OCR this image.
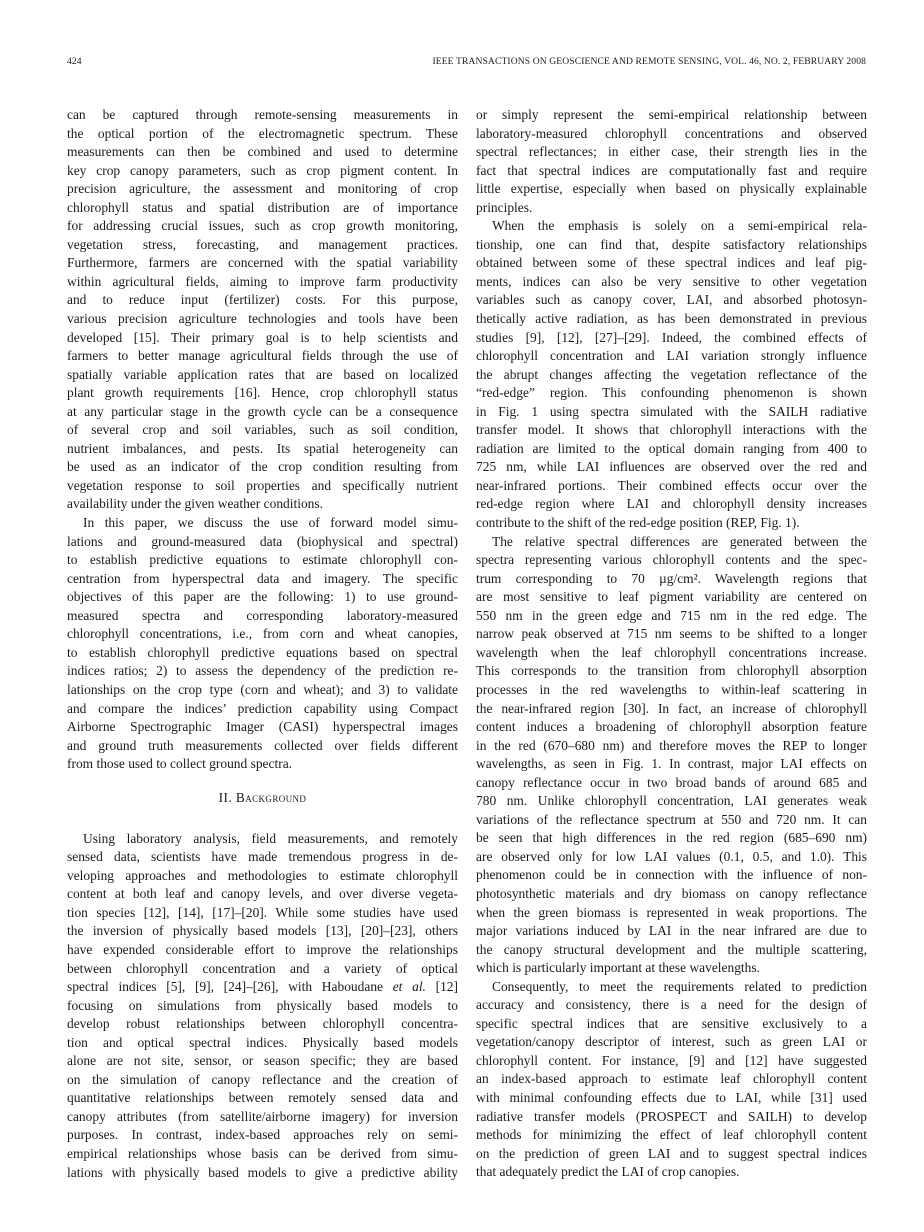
424	IEEE TRANSACTIONS ON GEOSCIENCE AND REMOTE SENSING, VOL. 46, NO. 2, FEBRUARY 2008
can be captured through remote-sensing measurements in
the optical portion of the electromagnetic spectrum. These
measurements can then be combined and used to determine
key crop canopy parameters, such as crop pigment content. In
precision agriculture, the assessment and monitoring of crop
chlorophyll status and spatial distribution are of importance
for addressing crucial issues, such as crop growth monitoring,
vegetation stress, forecasting, and management practices.
Furthermore, farmers are concerned with the spatial variability
within agricultural fields, aiming to improve farm productivity
and to reduce input (fertilizer) costs. For this purpose,
various precision agriculture technologies and tools have been
developed [15]. Their primary goal is to help scientists and
farmers to better manage agricultural fields through the use of
spatially variable application rates that are based on localized
plant growth requirements [16]. Hence, crop chlorophyll status
at any particular stage in the growth cycle can be a consequence
of several crop and soil variables, such as soil condition,
nutrient imbalances, and pests. Its spatial heterogeneity can
be used as an indicator of the crop condition resulting from
vegetation response to soil properties and specifically nutrient
availability under the given weather conditions.
In this paper, we discuss the use of forward model simu-
lations and ground-measured data (biophysical and spectral)
to establish predictive equations to estimate chlorophyll con-
centration from hyperspectral data and imagery. The specific
objectives of this paper are the following: 1) to use ground-
measured spectra and corresponding laboratory-measured
chlorophyll concentrations, i.e., from corn and wheat canopies,
to establish chlorophyll predictive equations based on spectral
indices ratios; 2) to assess the dependency of the prediction re-
lationships on the crop type (corn and wheat); and 3) to validate
and compare the indices’ prediction capability using Compact
Airborne Spectrographic Imager (CASI) hyperspectral images
and ground truth measurements collected over fields different
from those used to collect ground spectra.
II. Background
Using laboratory analysis, field measurements, and remotely
sensed data, scientists have made tremendous progress in de-
veloping approaches and methodologies to estimate chlorophyll
content at both leaf and canopy levels, and over diverse vegeta-
tion species [12], [14], [17]–[20]. While some studies have used
the inversion of physically based models [13], [20]–[23], others
have expended considerable effort to improve the relationships
between chlorophyll concentration and a variety of optical
spectral indices [5], [9], [24]–[26], with Haboudane et al. [12]
focusing on simulations from physically based models to
develop robust relationships between chlorophyll concentra-
tion and optical spectral indices. Physically based models
alone are not site, sensor, or season specific; they are based
on the simulation of canopy reflectance and the creation of
quantitative relationships between remotely sensed data and
canopy attributes (from satellite/airborne imagery) for inversion
purposes. In contrast, index-based approaches rely on semi-
empirical relationships whose basis can be derived from simu-
lations with physically based models to give a predictive ability
or simply represent the semi-empirical relationship between
laboratory-measured chlorophyll concentrations and observed
spectral reflectances; in either case, their strength lies in the
fact that spectral indices are computationally fast and require
little expertise, especially when based on physically explainable
principles.
When the emphasis is solely on a semi-empirical rela-
tionship, one can find that, despite satisfactory relationships
obtained between some of these spectral indices and leaf pig-
ments, indices can also be very sensitive to other vegetation
variables such as canopy cover, LAI, and absorbed photosyn-
thetically active radiation, as has been demonstrated in previous
studies [9], [12], [27]–[29]. Indeed, the combined effects of
chlorophyll concentration and LAI variation strongly influence
the abrupt changes affecting the vegetation reflectance of the
“red-edge” region. This confounding phenomenon is shown
in Fig. 1 using spectra simulated with the SAILH radiative
transfer model. It shows that chlorophyll interactions with the
radiation are limited to the optical domain ranging from 400 to
725 nm, while LAI influences are observed over the red and
near-infrared portions. Their combined effects occur over the
red-edge region where LAI and chlorophyll density increases
contribute to the shift of the red-edge position (REP, Fig. 1).
The relative spectral differences are generated between the
spectra representing various chlorophyll contents and the spec-
trum corresponding to 70 µg/cm². Wavelength regions that
are most sensitive to leaf pigment variability are centered on
550 nm in the green edge and 715 nm in the red edge. The
narrow peak observed at 715 nm seems to be shifted to a longer
wavelength when the leaf chlorophyll concentrations increase.
This corresponds to the transition from chlorophyll absorption
processes in the red wavelengths to within-leaf scattering in
the near-infrared region [30]. In fact, an increase of chlorophyll
content induces a broadening of chlorophyll absorption feature
in the red (670–680 nm) and therefore moves the REP to longer
wavelengths, as seen in Fig. 1. In contrast, major LAI effects on
canopy reflectance occur in two broad bands of around 685 and
780 nm. Unlike chlorophyll concentration, LAI generates weak
variations of the reflectance spectrum at 550 and 720 nm. It can
be seen that high differences in the red region (685–690 nm)
are observed only for low LAI values (0.1, 0.5, and 1.0). This
phenomenon could be in connection with the influence of non-
photosynthetic materials and dry biomass on canopy reflectance
when the green biomass is represented in weak proportions. The
major variations induced by LAI in the near infrared are due to
the canopy structural development and the multiple scattering,
which is particularly important at these wavelengths.
Consequently, to meet the requirements related to prediction
accuracy and consistency, there is a need for the design of
specific spectral indices that are sensitive exclusively to a
vegetation/canopy descriptor of interest, such as green LAI or
chlorophyll content. For instance, [9] and [12] have suggested
an index-based approach to estimate leaf chlorophyll content
with minimal confounding effects due to LAI, while [31] used
radiative transfer models (PROSPECT and SAILH) to develop
methods for minimizing the effect of leaf chlorophyll content
on the prediction of green LAI and to suggest spectral indices
that adequately predict the LAI of crop canopies.
